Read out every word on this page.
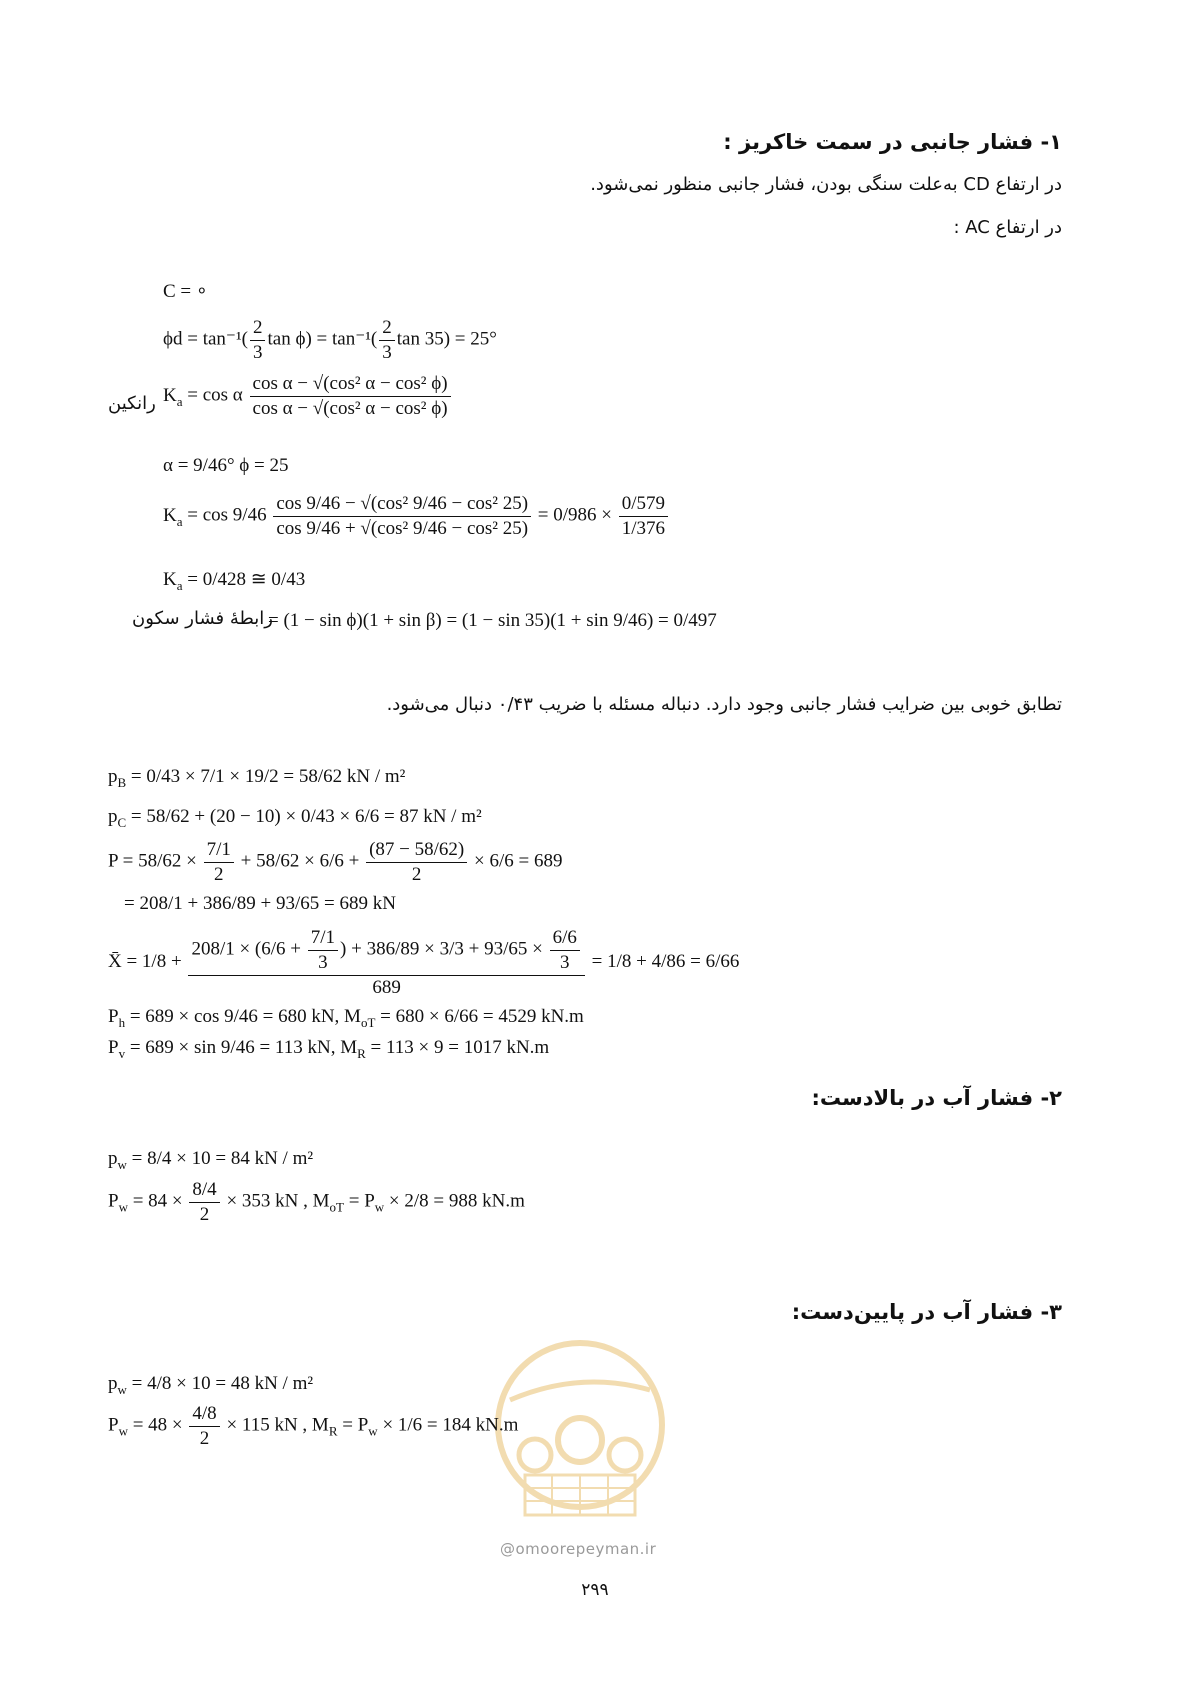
۱- فشار جانبی در سمت خاکریز :
در ارتفاع CD به‌علت سنگی بودن، فشار جانبی منظور نمی‌شود.
در ارتفاع AC :
C = ∘
$\phi d = \tan^{-1}( \frac{2}{3}$ $\tan \phi) = \tan^{-1}( \frac{2}{3}$ tan 35) = 25°
رانکین $K_a = \cos \alpha \frac{\text{cos α − √(cos² α − cos² ϕ)}}{\text{cos α − √(cos² α − cos² ϕ)}}$
α = 9/46° ϕ = 25
$K_a = \cos 9/46 \frac{\text{cos 9/46 − √(cos² 9/46 − cos² 25)}}{\text{cos 9/46 + √(cos² 9/46 − cos² 25)}} = 0/986 \times \frac{0/579}{1/376}$
$K_a = 0/428$ ≅ 0/43
رابطهٔ فشار سکون
= (1 − sin ϕ)(1 + sin β) = (1 − sin 35)(1 + sin 9/46) = 0/497
تطابق خوبی بین ضرایب فشار جانبی وجود دارد. دنباله مسئله با ضریب ۰/۴۳ دنبال می‌شود.
$p_B = 0/43 \times 7/1 \times 19/2 = 58/62$ kN / m²
$p_C = 58/62 + (20 - 10) \times 0/43 \times 6/6 = 87$ kN / m²
$P = 58/62 \times \frac{7/1}{2} + 58/62 \times 6/6 + \frac{(87 - 58/62)}{2} \times 6/6 = 689$
= 208/1 + 386/89 + 93/65 = 689 kN
X̄ = $1/8 + \frac{208/1 \times (6/6 + \frac{7/1}{3} ) + 386/89 \times 3/3 + 93/65 \times \frac{6/6}{3}}{689} = 1/8 + 4/86 = 6/66$
$P_h = 689 \times \cos 9/46 = 680$ kN, $M_{oT} = 680 \times 6/66 = 4529$ kN.m
$P_v = 689 \times \sin 9/46 = 113$ kN, $M_R = 113 \times 9 = 1017$ kN.m
۲- فشار آب در بالادست:
$p_w = 8/4 \times 10 = 84$ kN / m²
$P_w = 84 \times \frac{8/4}{2} \times 353$ kN , $M_{oT} = P_w \times 2/8 = 988$ kN.m
@omoorepeyman.ir
۳- فشار آب در پایین‌دست:
$p_w = 4/8 \times 10 = 48$ kN / m²
$P_w = 48 \times \frac{4/8}{2} \times 115$ kN , $M_R = P_w \times 1/6 = 184$ kN.m
۲۹۹
